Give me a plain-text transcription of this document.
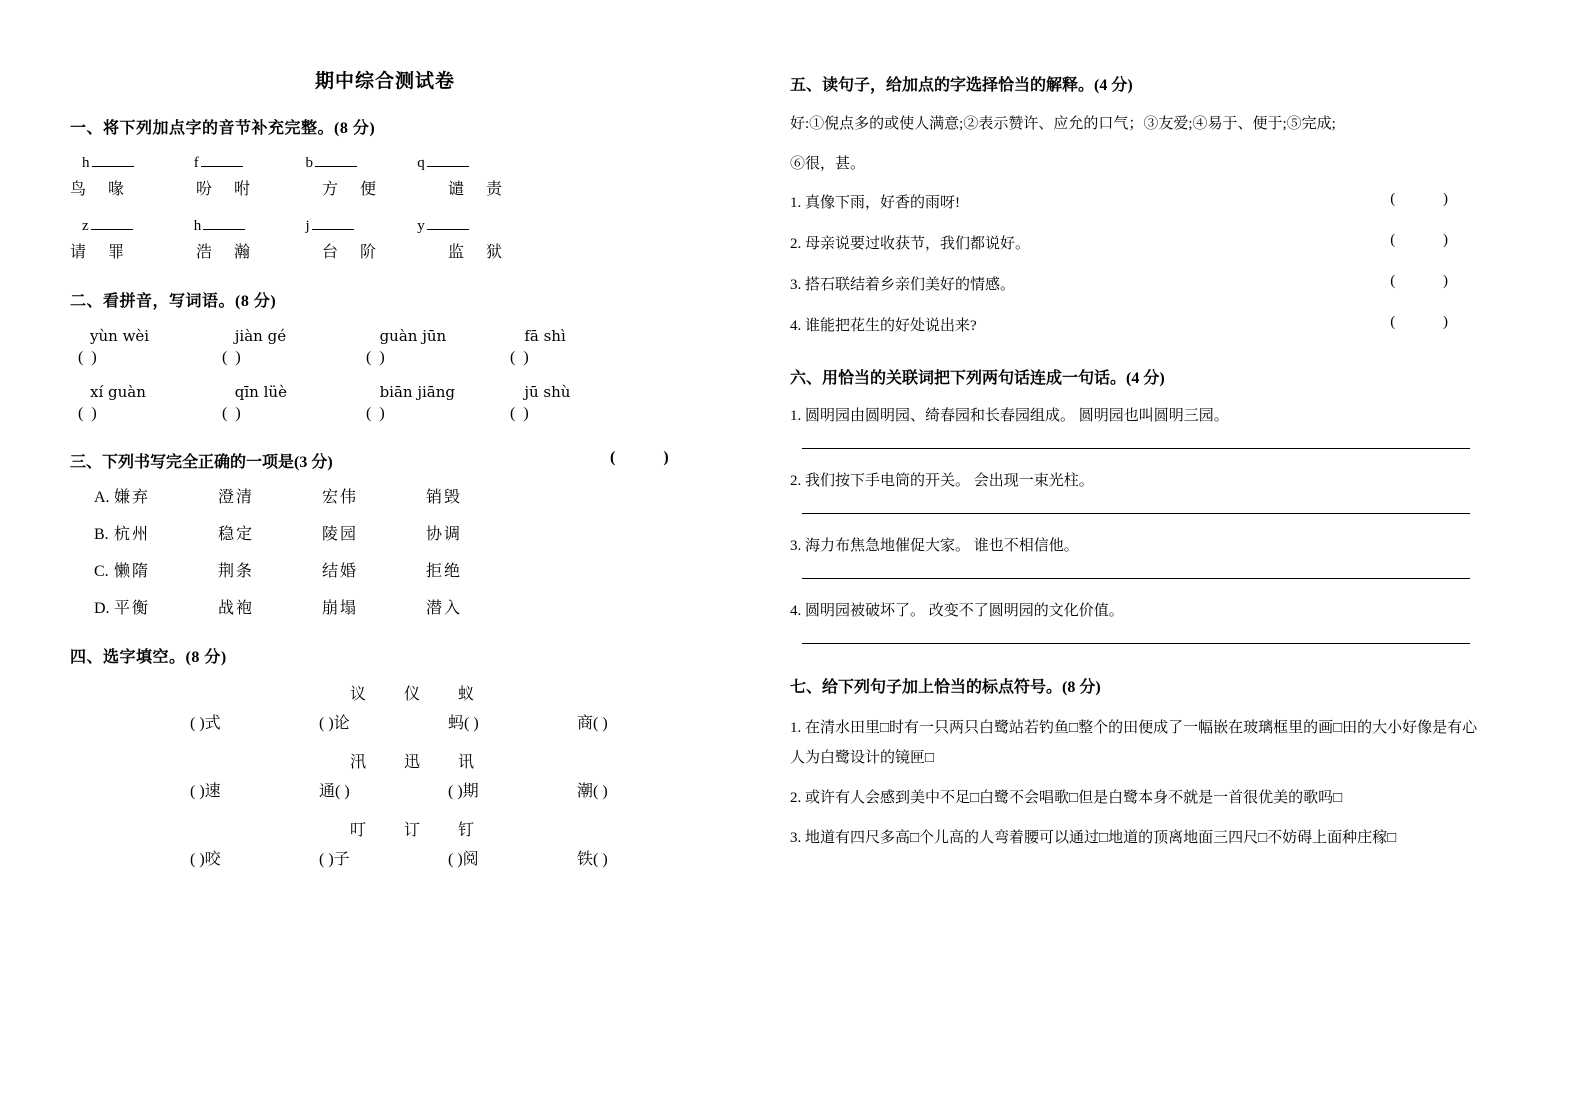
期中综合测试卷
一、将下列加点字的音节补充完整。(8 分)
h	f	b	q
鸟 喙	吩 咐	方 便	谴 责
z	h	j	y
请 罪	浩 瀚	台 阶	监 狱
二、看拼音，写词语。(8 分)
yùn wèi	jiàn gé	guàn jūn	fā shì
( )	( )	( )	( )
xí guàn	qīn lüè	biān jiāng	jū shù
( )	( )	( )	( )
三、下列书写完全正确的一项是(3 分)	( )
A. 嫌弃	澄清	宏伟	销毁
B. 杭州	稳定	陵园	协调
C. 懒隋	荆条	结婚	拒绝
D. 平衡	战袍	崩塌	潜入
四、选字填空。(8 分)
议 仪 蚁
( )式	( )论	蚂( )	商( )
汛 迅 讯
( )速	通( )	( )期	潮( )
叮 订 钉
( )咬	( )子	( )阅	铁( )
五、读句子，给加点的字选择恰当的解释。(4 分)
好:①倪点多的或使人满意;②表示赞许、应允的口气；③友爱;④易于、便于;⑤完成;
⑥很，甚。
1. 真像下雨，好香的雨呀!	( )
2. 母亲说要过收获节，我们都说好。	( )
3. 搭石联结着乡亲们美好的情感。	( )
4. 谁能把花生的好处说出来?	( )
六、用恰当的关联词把下列两句话连成一句话。(4 分)
1. 圆明园由圆明园、绮春园和长春园组成。 圆明园也叫圆明三园。
2. 我们按下手电筒的开关。 会出现一束光柱。
3. 海力布焦急地催促大家。 谁也不相信他。
4. 圆明园被破坏了。 改变不了圆明园的文化价值。
七、给下列句子加上恰当的标点符号。(8 分)
1. 在清水田里□时有一只两只白鹭站若钓鱼□整个的田便成了一幅嵌在玻璃框里的画□田的大小好像是有心人为白鹭设计的镜匣□
2. 或许有人会感到美中不足□白鹭不会唱歌□但是白鹭本身不就是一首很优美的歌吗□
3. 地道有四尺多高□个儿高的人弯着腰可以通过□地道的顶离地面三四尺□不妨碍上面种庄稼□
